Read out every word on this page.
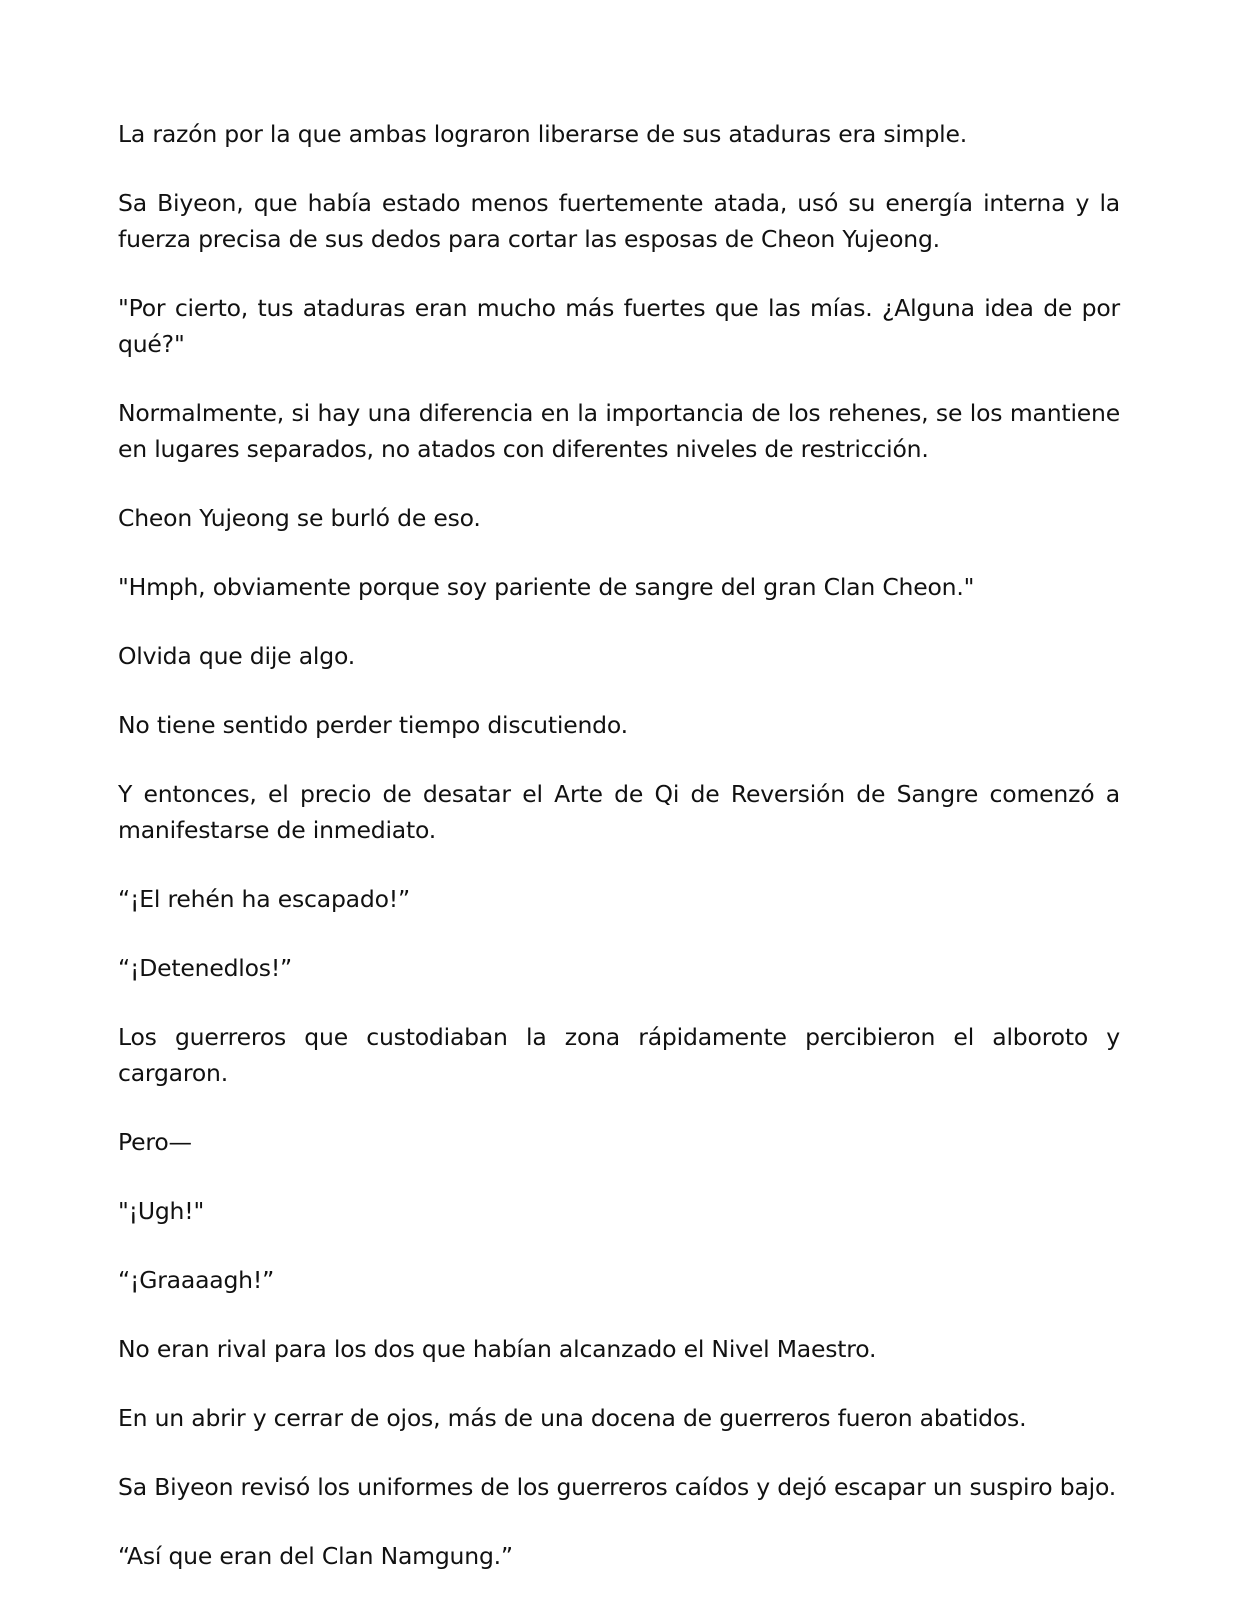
La razón por la que ambas lograron liberarse de sus ataduras era simple.

Sa Biyeon, que había estado menos fuertemente atada, usó su energía interna y la fuerza precisa de sus dedos para cortar las esposas de Cheon Yujeong.

"Por cierto, tus ataduras eran mucho más fuertes que las mías. ¿Alguna idea de por qué?"

Normalmente, si hay una diferencia en la importancia de los rehenes, se los mantiene en lugares separados, no atados con diferentes niveles de restricción.

Cheon Yujeong se burló de eso.

"Hmph, obviamente porque soy pariente de sangre del gran Clan Cheon."

Olvida que dije algo.

No tiene sentido perder tiempo discutiendo.

Y entonces, el precio de desatar el Arte de Qi de Reversión de Sangre comenzó a manifestarse de inmediato.

“¡El rehén ha escapado!”

“¡Detenedlos!”

Los guerreros que custodiaban la zona rápidamente percibieron el alboroto y cargaron.

Pero—

"¡Ugh!"

“¡Graaaagh!”

No eran rival para los dos que habían alcanzado el Nivel Maestro.

En un abrir y cerrar de ojos, más de una docena de guerreros fueron abatidos.

Sa Biyeon revisó los uniformes de los guerreros caídos y dejó escapar un suspiro bajo.

“Así que eran del Clan Namgung.”
